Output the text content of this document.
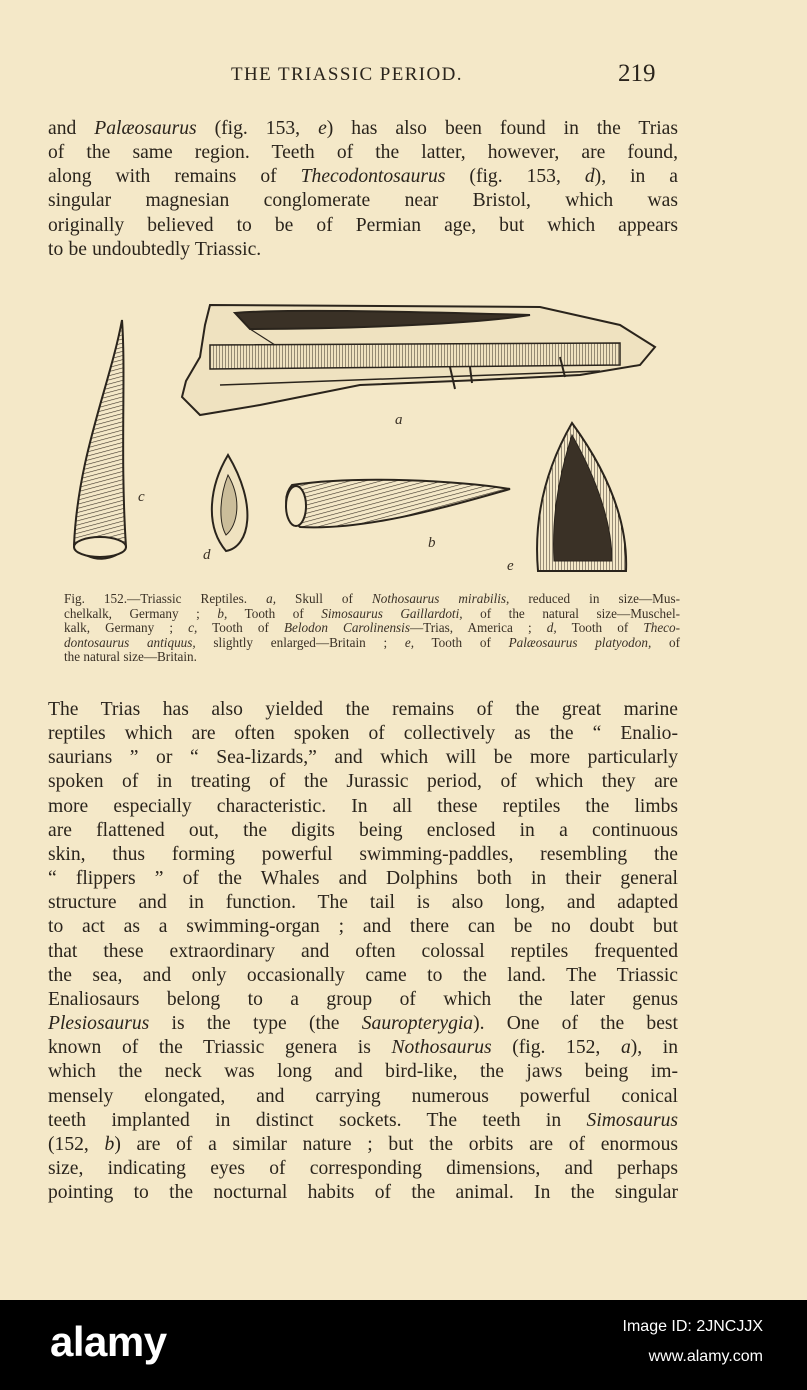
THE TRIASSIC PERIOD.	219

and Palæosaurus (fig. 153, e) has also been found in the Trias
of the same region. Teeth of the latter, however, are found,
along with remains of Thecodontosaurus (fig. 153, d), in a
singular magnesian conglomerate near Bristol, which was
originally believed to be of Permian age, but which appears
to be undoubtedly Triassic.

a
c
d
b
e
Fig. 152.—Triassic Reptiles. a, Skull of Nothosaurus mirabilis, reduced in size—Mus-
chelkalk, Germany ; b, Tooth of Simosaurus Gaillardoti, of the natural size—Muschel-
kalk, Germany ; c, Tooth of Belodon Carolinensis—Trias, America ; d, Tooth of Theco-
dontosaurus antiquus, slightly enlarged—Britain ; e, Tooth of Palæosaurus platyodon, of
the natural size—Britain.

The Trias has also yielded the remains of the great marine
reptiles which are often spoken of collectively as the “ Enalio-
saurians ” or “ Sea-lizards,” and which will be more particularly
spoken of in treating of the Jurassic period, of which they are
more especially characteristic. In all these reptiles the limbs
are flattened out, the digits being enclosed in a continuous
skin, thus forming powerful swimming-paddles, resembling the
“ flippers ” of the Whales and Dolphins both in their general
structure and in function. The tail is also long, and adapted
to act as a swimming-organ ; and there can be no doubt but
that these extraordinary and often colossal reptiles frequented
the sea, and only occasionally came to the land. The Triassic
Enaliosaurs belong to a group of which the later genus
Plesiosaurus is the type (the Sauropterygia). One of the best
known of the Triassic genera is Nothosaurus (fig. 152, a), in
which the neck was long and bird-like, the jaws being im-
mensely elongated, and carrying numerous powerful conical
teeth implanted in distinct sockets. The teeth in Simosaurus
(152, b) are of a similar nature ; but the orbits are of enormous
size, indicating eyes of corresponding dimensions, and perhaps
pointing to the nocturnal habits of the animal. In the singular

alamy	Image ID: 2JNCJJX
www.alamy.com
